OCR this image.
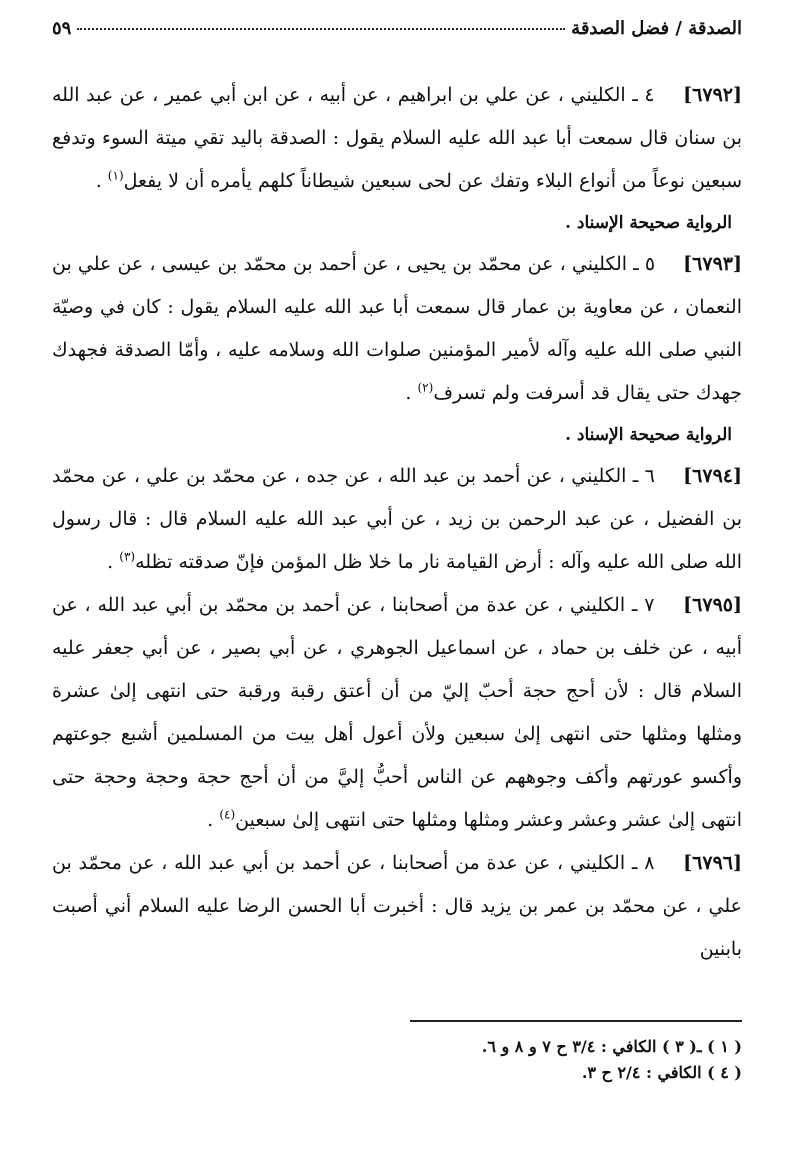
الصدقة / فضل الصدقة
٥٩

[٦٧٩٢] ٤ ـ الكليني ، عن علي بن ابراهيم ، عن أبيه ، عن ابن أبي عمير ، عن عبد الله بن سنان قال سمعت أبا عبد الله عليه السلام يقول : الصدقة باليد تقي ميتة السوء وتدفع سبعين نوعاً من أنواع البلاء وتفك عن لحى سبعين شيطاناً كلهم يأمره أن لا يفعل$^{(١)}$ .

الرواية صحيحة الإسناد .

[٦٧٩٣] ٥ ـ الكليني ، عن محمّد بن يحيى ، عن أحمد بن محمّد بن عيسى ، عن علي بن النعمان ، عن معاوية بن عمار قال سمعت أبا عبد الله عليه السلام يقول : كان في وصيّة النبي صلى الله عليه وآله لأمير المؤمنين صلوات الله وسلامه عليه ، وأمّا الصدقة فجهدك جهدك حتى يقال قد أسرفت ولم تسرف$^{(٢)}$ .

الرواية صحيحة الإسناد .

[٦٧٩٤] ٦ ـ الكليني ، عن أحمد بن عبد الله ، عن جده ، عن محمّد بن علي ، عن محمّد بن الفضيل ، عن عبد الرحمن بن زيد ، عن أبي عبد الله عليه السلام قال : قال رسول الله صلى الله عليه وآله : أرض القيامة نار ما خلا ظل المؤمن فإنّ صدقته تظله$^{(٣)}$ .

[٦٧٩٥] ٧ ـ الكليني ، عن عدة من أصحابنا ، عن أحمد بن محمّد بن أبي عبد الله ، عن أبيه ، عن خلف بن حماد ، عن اسماعيل الجوهري ، عن أبي بصير ، عن أبي جعفر عليه السلام قال : لأن أحج حجة أحبّ إليّ من أن أعتق رقبة ورقبة حتى انتهى إلىٰ عشرة ومثلها ومثلها حتى انتهى إلىٰ سبعين ولأن أعول أهل بيت من المسلمين أشبع جوعتهم وأكسو عورتهم وأكف وجوههم عن الناس أحبُّ إليَّ من أن أحج حجة وحجة وحجة حتى انتهى إلىٰ عشر وعشر وعشر ومثلها ومثلها حتى انتهى إلىٰ سبعين$^{(٤)}$ .

[٦٧٩٦] ٨ ـ الكليني ، عن عدة من أصحابنا ، عن أحمد بن أبي عبد الله ، عن محمّد بن علي ، عن محمّد بن عمر بن يزيد قال : أخبرت أبا الحسن الرضا عليه السلام أني أصبت بابنين

( ١ ) ـ( ٣ ) الكافي : ٣/٤ ح ٧ و ٨ و ٦.
( ٤ ) الكافي : ٢/٤ ح ٣.
